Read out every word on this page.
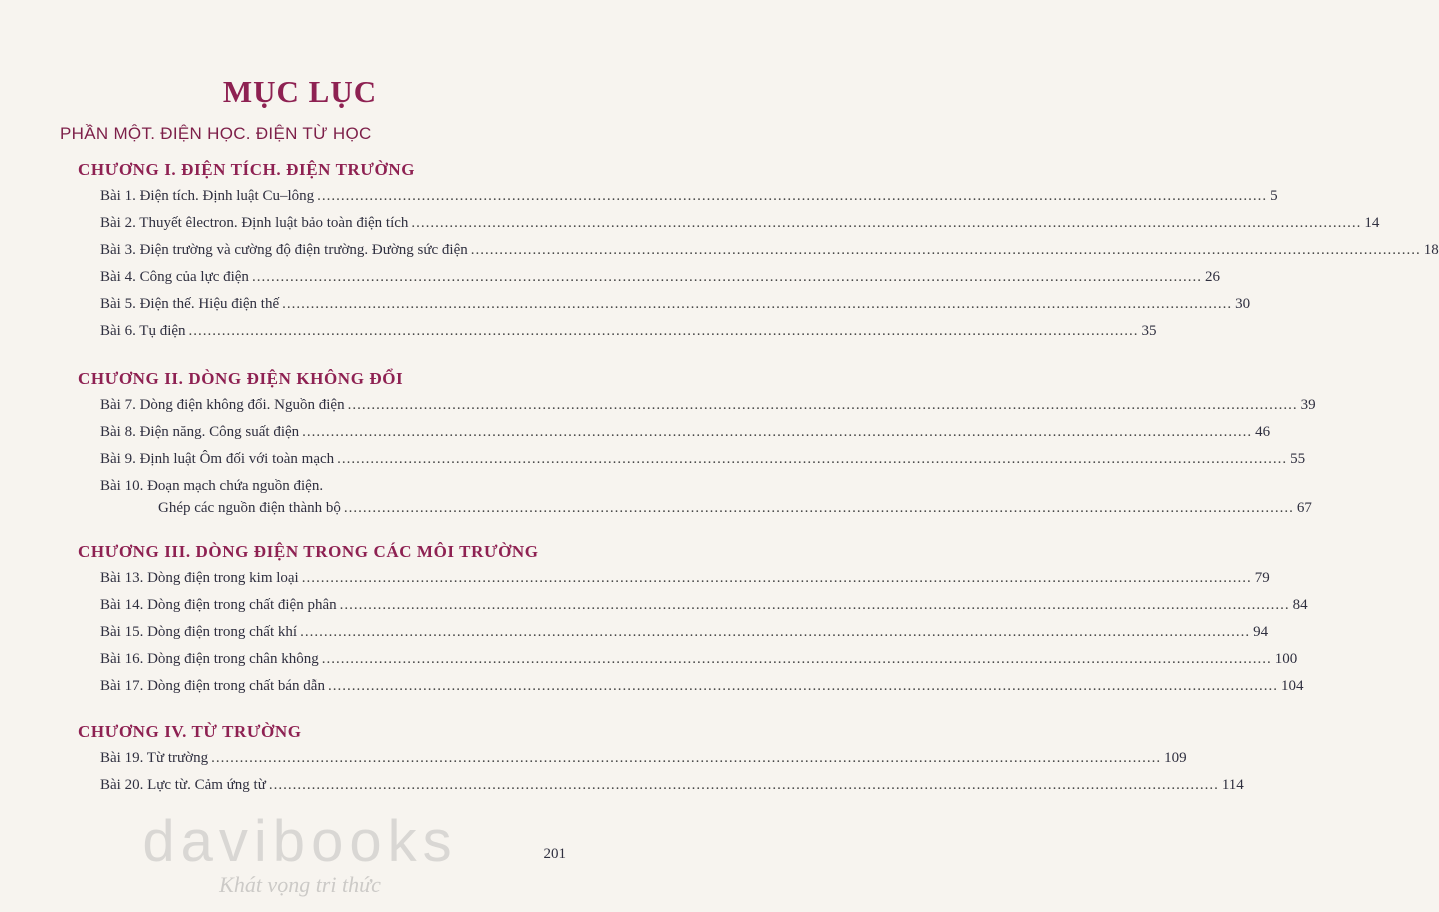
MỤC LỤC
PHẦN MỘT. ĐIỆN HỌC. ĐIỆN TỪ HỌC
CHƯƠNG I. ĐIỆN TÍCH. ĐIỆN TRƯỜNG
Bài 1. Điện tích. Định luật Cu–lông ........................................................................................................................................................................................................ 5
Bài 2. Thuyết êlectron. Định luật bảo toàn điện tích ........................................................................................................................................................................................................ 14
Bài 3. Điện trường và cường độ điện trường. Đường sức điện ........................................................................................................................................................................................................ 18
Bài 4. Công của lực điện ........................................................................................................................................................................................................ 26
Bài 5. Điện thế. Hiệu điện thế ........................................................................................................................................................................................................ 30
Bài 6. Tụ điện ........................................................................................................................................................................................................ 35
CHƯƠNG II. DÒNG ĐIỆN KHÔNG ĐỔI
Bài 7. Dòng điện không đổi. Nguồn điện ........................................................................................................................................................................................................ 39
Bài 8. Điện năng. Công suất điện ........................................................................................................................................................................................................ 46
Bài 9. Định luật Ôm đối với toàn mạch ........................................................................................................................................................................................................ 55
Bài 10. Đoạn mạch chứa nguồn điện.
Ghép các nguồn điện thành bộ ........................................................................................................................................................................................................ 67
CHƯƠNG III. DÒNG ĐIỆN TRONG CÁC MÔI TRƯỜNG
Bài 13. Dòng điện trong kim loại ........................................................................................................................................................................................................ 79
Bài 14. Dòng điện trong chất điện phân ........................................................................................................................................................................................................ 84
Bài 15. Dòng điện trong chất khí ........................................................................................................................................................................................................ 94
Bài 16. Dòng điện trong chân không ........................................................................................................................................................................................................ 100
Bài 17. Dòng điện trong chất bán dẫn ........................................................................................................................................................................................................ 104
CHƯƠNG IV. TỪ TRƯỜNG
Bài 19. Từ trường ........................................................................................................................................................................................................ 109
Bài 20. Lực từ. Cảm ứng từ ........................................................................................................................................................................................................ 114
davibooks
Khát vọng tri thức
201
